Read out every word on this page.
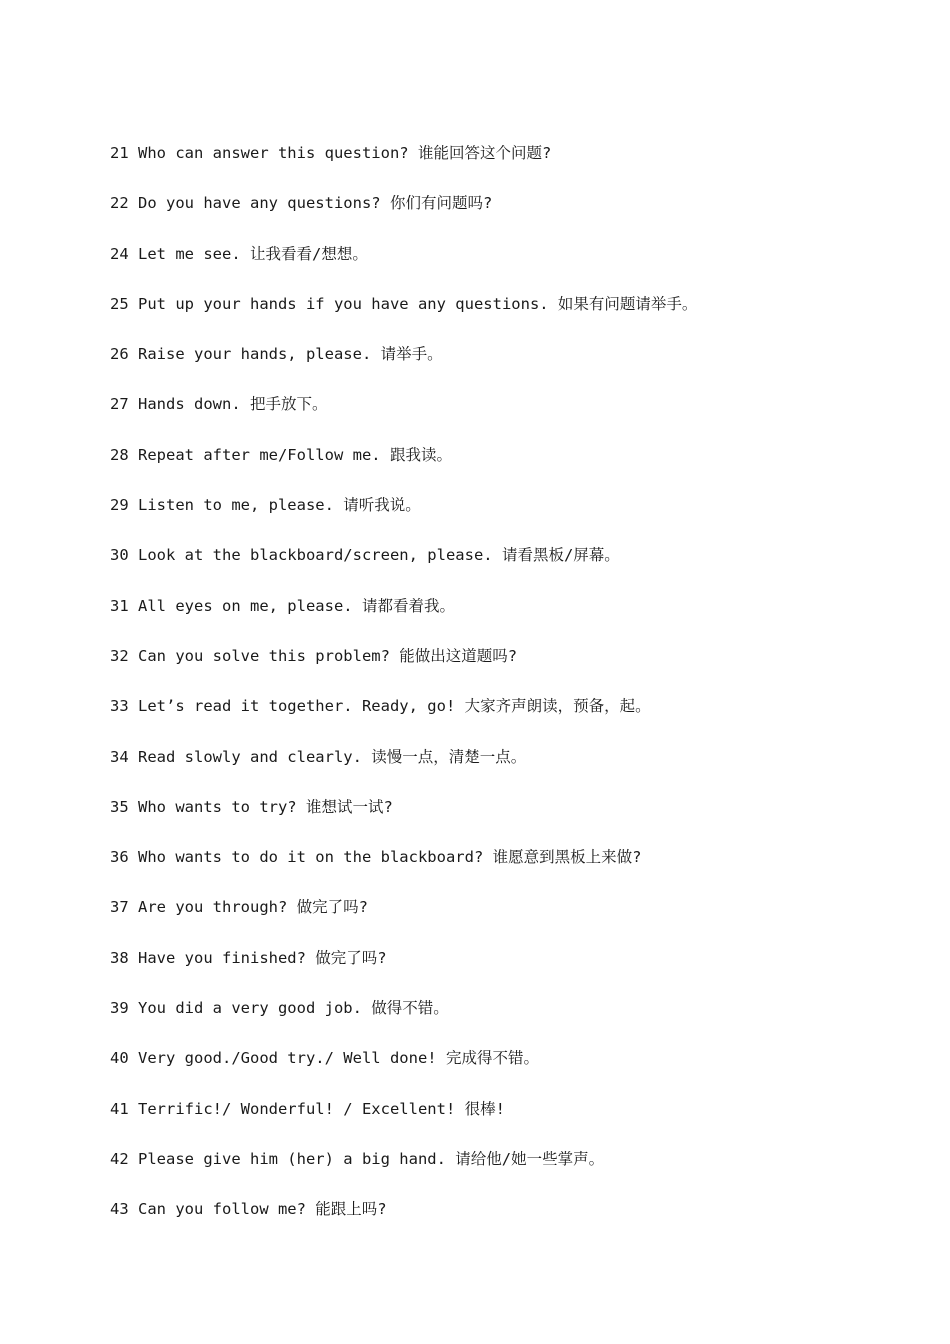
21 Who can answer this question? 谁能回答这个问题?
22 Do you have any questions? 你们有问题吗?
24 Let me see. 让我看看/想想。
25 Put up your hands if you have any questions. 如果有问题请举手。
26 Raise your hands, please. 请举手。
27 Hands down. 把手放下。
28 Repeat after me/Follow me. 跟我读。
29 Listen to me, please. 请听我说。
30 Look at the blackboard/screen, please. 请看黑板/屏幕。
31 All eyes on me, please. 请都看着我。
32 Can you solve this problem? 能做出这道题吗?
33 Let’s read it together. Ready, go! 大家齐声朗读，预备，起。
34 Read slowly and clearly. 读慢一点，清楚一点。
35 Who wants to try? 谁想试一试?
36 Who wants to do it on the blackboard? 谁愿意到黑板上来做?
37 Are you through? 做完了吗?
38 Have you finished? 做完了吗?
39 You did a very good job. 做得不错。
40 Very good./Good try./ Well done! 完成得不错。
41 Terrific!/ Wonderful! / Excellent! 很棒!
42 Please give him (her) a big hand. 请给他/她一些掌声。
43 Can you follow me? 能跟上吗?
